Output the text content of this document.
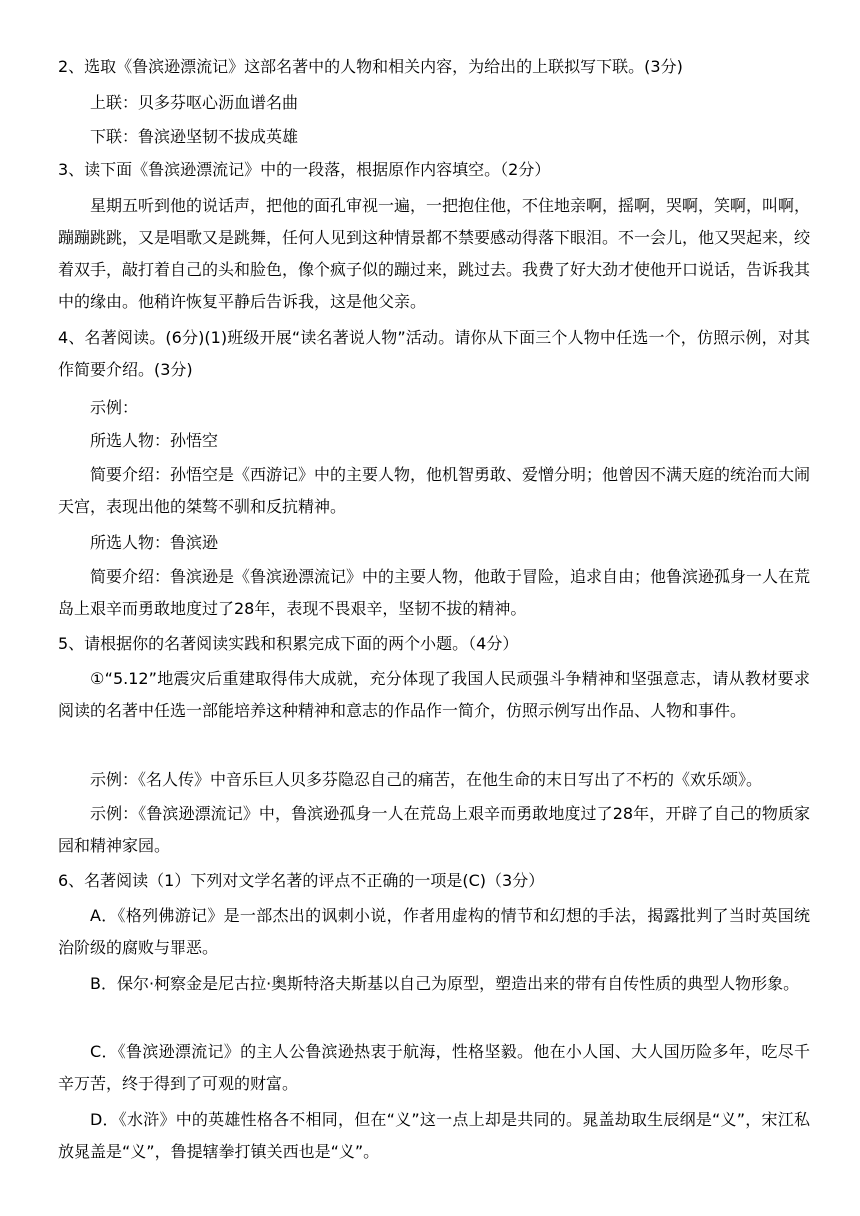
2、选取《鲁滨逊漂流记》这部名著中的人物和相关内容，为给出的上联拟写下联。(3分)

上联：贝多芬呕心沥血谱名曲

下联：鲁滨逊坚韧不拔成英雄

3、读下面《鲁滨逊漂流记》中的一段落，根据原作内容填空。（2分）

星期五听到他的说话声，把他的面孔审视一遍，一把抱住他，不住地亲啊，摇啊，哭啊，笑啊，叫啊，蹦蹦跳跳，又是唱歌又是跳舞，任何人见到这种情景都不禁要感动得落下眼泪。不一会儿，他又哭起来，绞着双手，敲打着自己的头和脸色，像个疯子似的蹦过来，跳过去。我费了好大劲才使他开口说话，告诉我其中的缘由。他稍许恢复平静后告诉我，这是他父亲。

4、名著阅读。(6分)(1)班级开展“读名著说人物”活动。请你从下面三个人物中任选一个，仿照示例，对其作简要介绍。(3分)

示例：

所选人物：孙悟空

简要介绍：孙悟空是《西游记》中的主要人物，他机智勇敢、爱憎分明；他曾因不满天庭的统治而大闹天宫，表现出他的桀骜不驯和反抗精神。

所选人物：鲁滨逊

简要介绍：鲁滨逊是《鲁滨逊漂流记》中的主要人物，他敢于冒险，追求自由；他鲁滨逊孤身一人在荒岛上艰辛而勇敢地度过了28年，表现不畏艰辛，坚韧不拔的精神。

5、请根据你的名著阅读实践和积累完成下面的两个小题。（4分）

①“5.12”地震灾后重建取得伟大成就，充分体现了我国人民顽强斗争精神和坚强意志，请从教材要求阅读的名著中任选一部能培养这种精神和意志的作品作一简介，仿照示例写出作品、人物和事件。

示例：《名人传》中音乐巨人贝多芬隐忍自己的痛苦，在他生命的末日写出了不朽的《欢乐颂》。

示例：《鲁滨逊漂流记》中，鲁滨逊孤身一人在荒岛上艰辛而勇敢地度过了28年，开辟了自己的物质家园和精神家园。

6、名著阅读（1）下列对文学名著的评点不正确的一项是(C)（3分）

A．《格列佛游记》是一部杰出的讽刺小说，作者用虚构的情节和幻想的手法，揭露批判了当时英国统治阶级的腐败与罪恶。

B．保尔·柯察金是尼古拉·奥斯特洛夫斯基以自己为原型，塑造出来的带有自传性质的典型人物形象。

C．《鲁滨逊漂流记》的主人公鲁滨逊热衷于航海，性格坚毅。他在小人国、大人国历险多年，吃尽千辛万苦，终于得到了可观的财富。

D．《水浒》中的英雄性格各不相同，但在“义”这一点上却是共同的。晁盖劫取生辰纲是“义”，宋江私放晁盖是“义”，鲁提辖拳打镇关西也是“义”。
